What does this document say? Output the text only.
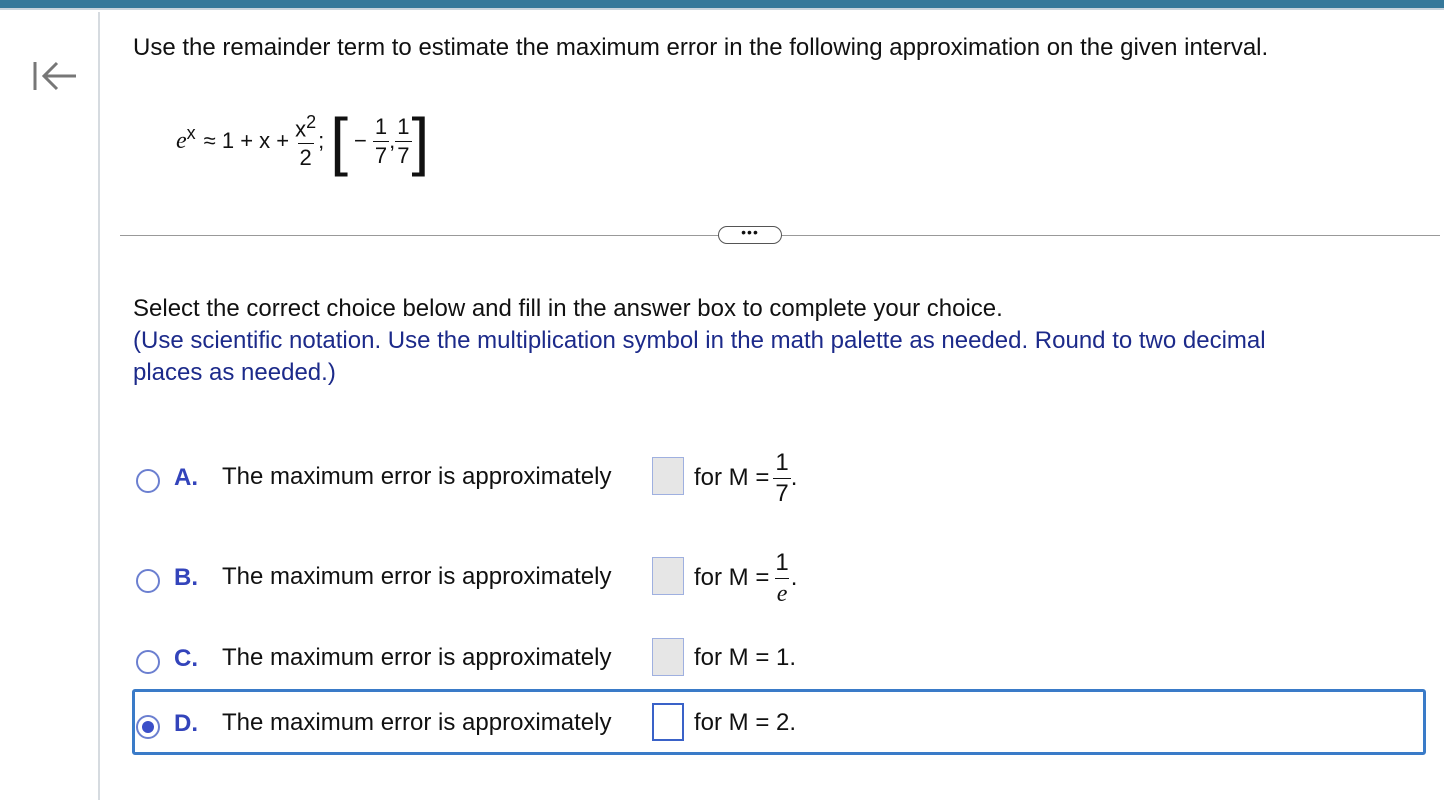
Use the remainder term to estimate the maximum error in the following approximation on the given interval.
$e^x \approx 1 + x + \frac{x^2}{2}$ ; [ − $\frac{1}{7}$ , $\frac{1}{7}$ ]
•••
Select the correct choice below and fill in the answer box to complete your choice.
(Use scientific notation. Use the multiplication symbol in the math palette as needed. Round to two decimal
places as needed.)
A. The maximum error is approximately	for $M = \frac{1}{7}$ .
B. The maximum error is approximately	for $M = \frac{1}{e}$ .
C. The maximum error is approximately	for M = 1.
D. The maximum error is approximately	for M = 2.
